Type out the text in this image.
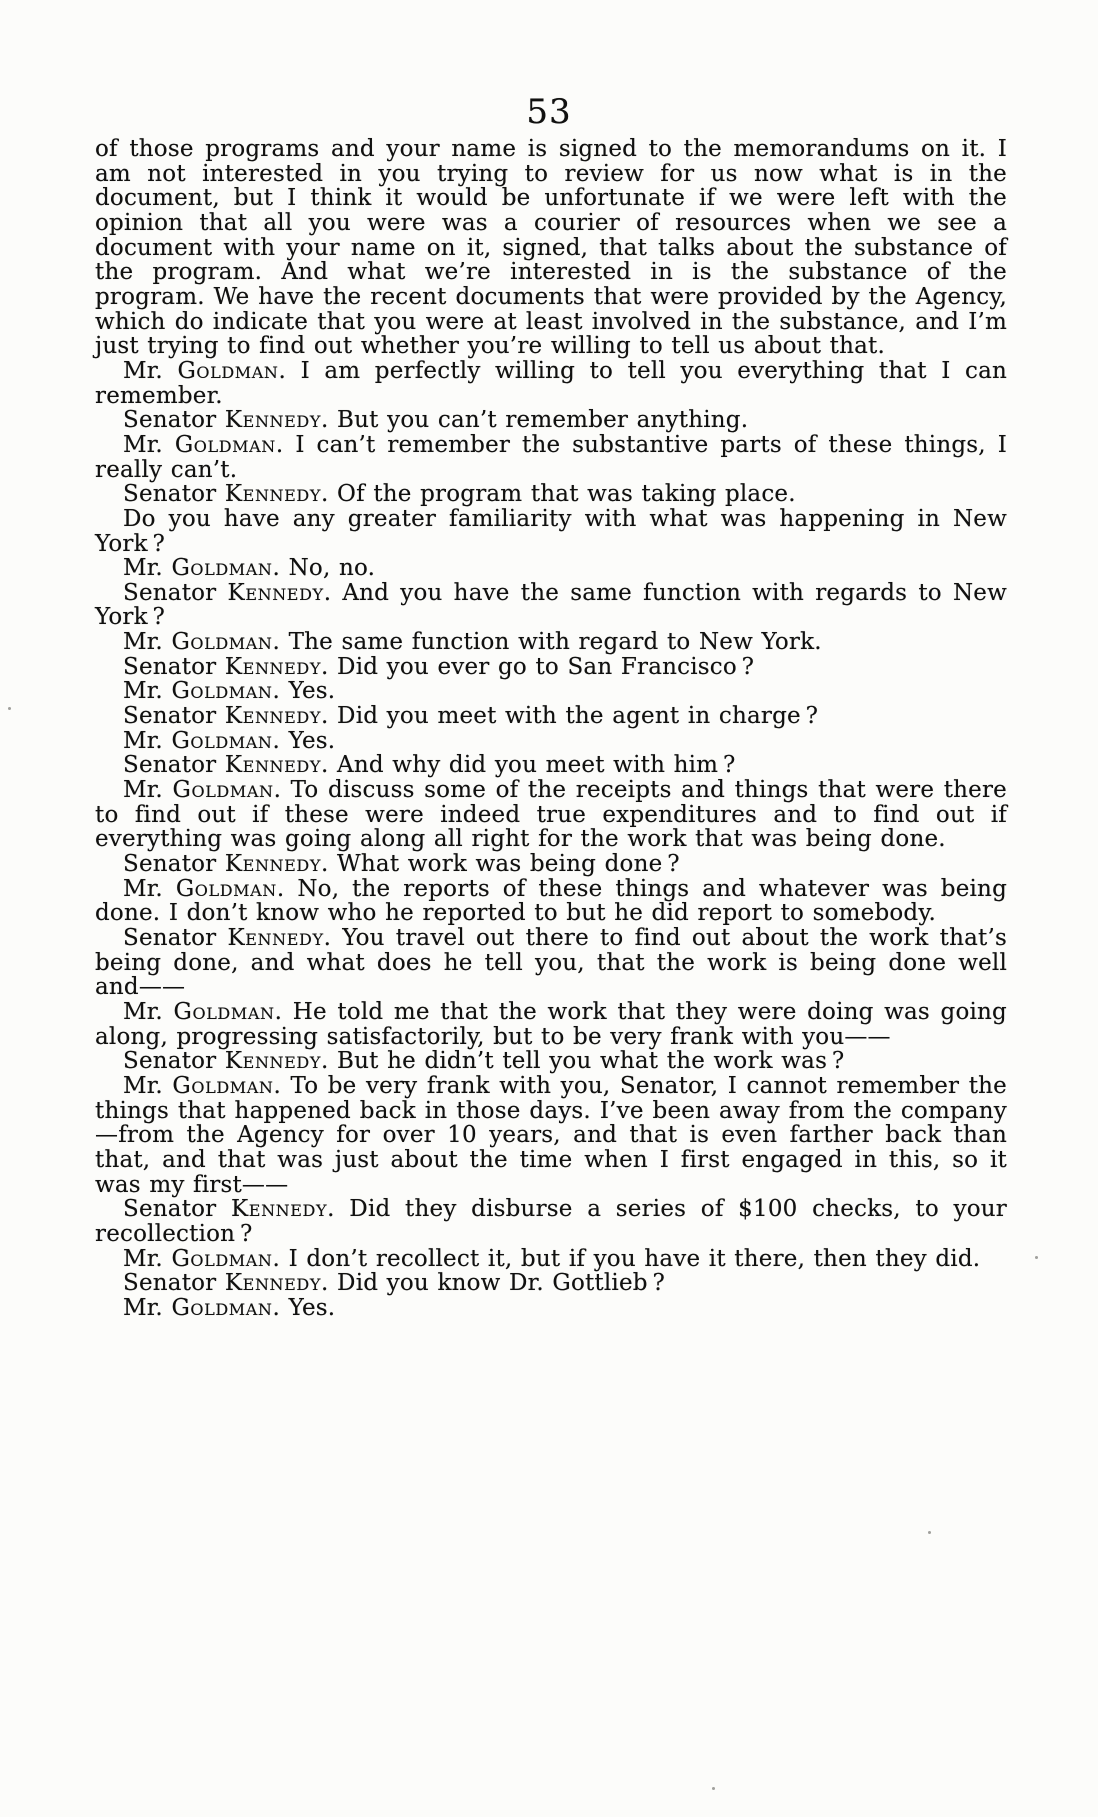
53

of those programs and your name is signed to the memorandums on it. I am not interested in you trying to review for us now what is in the document, but I think it would be unfortunate if we were left with the opinion that all you were was a courier of resources when we see a document with your name on it, signed, that talks about the substance of the program. And what we’re interested in is the substance of the program. We have the recent documents that were provided by the Agency, which do indicate that you were at least involved in the substance, and I’m just trying to find out whether you’re willing to tell us about that.

Mr. Goldman. I am perfectly willing to tell you everything that I can remember.

Senator Kennedy. But you can’t remember anything.

Mr. Goldman. I can’t remember the substantive parts of these things, I really can’t.

Senator Kennedy. Of the program that was taking place.

Do you have any greater familiarity with what was happening in New York ?

Mr. Goldman. No, no.

Senator Kennedy. And you have the same function with regards to New York ?

Mr. Goldman. The same function with regard to New York.

Senator Kennedy. Did you ever go to San Francisco ?

Mr. Goldman. Yes.

Senator Kennedy. Did you meet with the agent in charge ?

Mr. Goldman. Yes.

Senator Kennedy. And why did you meet with him ?

Mr. Goldman. To discuss some of the receipts and things that were there to find out if these were indeed true expenditures and to find out if everything was going along all right for the work that was being done.

Senator Kennedy. What work was being done ?

Mr. Goldman. No, the reports of these things and whatever was being done. I don’t know who he reported to but he did report to somebody.

Senator Kennedy. You travel out there to find out about the work that’s being done, and what does he tell you, that the work is being done well and——

Mr. Goldman. He told me that the work that they were doing was going along, progressing satisfactorily, but to be very frank with you——

Senator Kennedy. But he didn’t tell you what the work was ?

Mr. Goldman. To be very frank with you, Senator, I cannot remember the things that happened back in those days. I’ve been away from the company—from the Agency for over 10 years, and that is even farther back than that, and that was just about the time when I first engaged in this, so it was my first——

Senator Kennedy. Did they disburse a series of $100 checks, to your recollection ?

Mr. Goldman. I don’t recollect it, but if you have it there, then they did.

Senator Kennedy. Did you know Dr. Gottlieb ?

Mr. Goldman. Yes.
